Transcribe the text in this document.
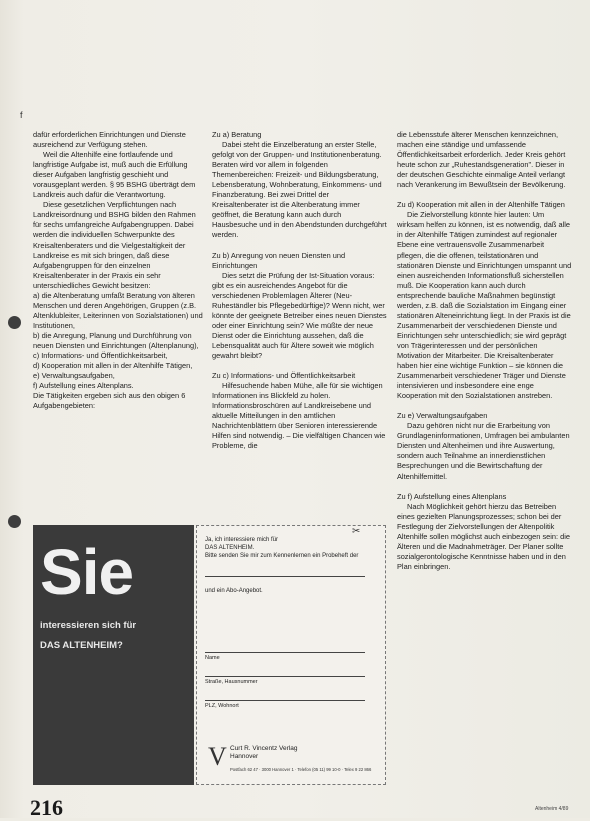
f

dafür erforderlichen Einrichtungen und Dienste ausreichend zur Verfügung stehen.

Weil die Altenhilfe eine fortlaufende und langfristige Aufgabe ist, muß auch die Erfüllung dieser Aufgaben langfristig geschieht und vorausgeplant werden. § 95 BSHG überträgt dem Landkreis auch dafür die Verantwortung.

Diese gesetzlichen Verpflichtungen nach Landkreisordnung und BSHG bilden den Rahmen für sechs umfangreiche Aufgabengruppen. Dabei werden die individuellen Schwerpunkte des Kreisaltenberaters und die Vielgestaltigkeit der Landkreise es mit sich bringen, daß diese Aufgabengruppen für den einzelnen Kreisaltenberater in der Praxis ein sehr unterschiedliches Gewicht besitzen:

a) die Altenberatung umfaßt Beratung von älteren Menschen und deren Angehörigen, Gruppen (z.B. Altenklubleiter, Leiterinnen von Sozialstationen) und Institutionen,

b) die Anregung, Planung und Durchführung von neuen Diensten und Einrichtungen (Altenplanung),

c) Informations- und Öffentlichkeitsarbeit,

d) Kooperation mit allen in der Altenhilfe Tätigen,

e) Verwaltungsaufgaben,

f) Aufstellung eines Altenplans.

Die Tätigkeiten ergeben sich aus den obigen 6 Aufgabengebieten:

Zu a) Beratung

Dabei steht die Einzelberatung an erster Stelle, gefolgt von der Gruppen- und Institutionenberatung. Beraten wird vor allem in folgenden Themenbereichen: Freizeit- und Bildungsberatung, Lebensberatung, Wohnberatung, Einkommens- und Finanzberatung. Bei zwei Drittel der Kreisaltenberater ist die Altenberatung immer geöffnet, die Beratung kann auch durch Hausbesuche und in den Abendstunden durchgeführt werden.

Zu b) Anregung von neuen Diensten und Einrichtungen

Dies setzt die Prüfung der Ist-Situation voraus: gibt es ein ausreichendes Angebot für die verschiedenen Problemlagen Älterer (Neu-Ruheständler bis Pflegebedürftige)? Wenn nicht, wer könnte der geeignete Betreiber eines neuen Dienstes oder einer Einrichtung sein? Wie müßte der neue Dienst oder die Einrichtung aussehen, daß die Lebensqualität auch für Ältere soweit wie möglich gewahrt bleibt?

Zu c) Informations- und Öffentlichkeitsarbeit

Hilfesuchende haben Mühe, alle für sie wichtigen Informationen ins Blickfeld zu holen. Informationsbroschüren auf Landkreisebene und aktuelle Mitteilungen in den amtlichen Nachrichtenblättern über Senioren interessierende Hilfen sind notwendig. – Die vielfältigen Chancen wie Probleme, die

die Lebensstufe älterer Menschen kennzeichnen, machen eine ständige und umfassende Öffentlichkeitsarbeit erforderlich. Jeder Kreis gehört heute schon zur „Ruhestandsgeneration". Dieser in der deutschen Geschichte einmalige Anteil verlangt nach Verankerung im Bewußtsein der Bevölkerung.

Zu d) Kooperation mit allen in der Altenhilfe Tätigen

Die Zielvorstellung könnte hier lauten: Um wirksam helfen zu können, ist es notwendig, daß alle in der Altenhilfe Tätigen zumindest auf regionaler Ebene eine vertrauensvolle Zusammenarbeit pflegen, die die offenen, teilstationären und stationären Dienste und Einrichtungen umspannt und einen ausreichenden Informationsfluß sicherstellen muß. Die Kooperation kann auch durch entsprechende bauliche Maßnahmen begünstigt werden, z.B. daß die Sozialstation im Eingang einer stationären Alteneinrichtung liegt. In der Praxis ist die Zusammenarbeit der verschiedenen Dienste und Einrichtungen sehr unterschiedlich; sie wird geprägt von Trägerinteressen und der persönlichen Motivation der Mitarbeiter. Die Kreisaltenberater haben hier eine wichtige Funktion – sie können die Zusammenarbeit verschiedener Träger und Dienste intensivieren und insbesondere eine enge Kooperation mit den Sozialstationen anstreben.

Zu e) Verwaltungsaufgaben

Dazu gehören nicht nur die Erarbeitung von Grundlageninformationen, Umfragen bei ambulanten Diensten und Altenheimen und ihre Auswertung, sondern auch Teilnahme an innerdienstlichen Besprechungen und die Bewirtschaftung der Altenhilfemittel.

Zu f) Aufstellung eines Altenplans

Nach Möglichkeit gehört hierzu das Betreiben eines gezielten Planungsprozesses; schon bei der Festlegung der Zielvorstellungen der Altenpolitik Altenhilfe sollen möglichst auch einbezogen sein: die Älteren und die Madnahmeträger. Der Planer sollte sozialgerontologische Kenntnisse haben und in den Plan einbringen.

Sie
interessieren sich für
DAS ALTENHEIM?
✂
Ja, ich interessiere mich für
DAS ALTENHEIM.
Bitte senden Sie mir zum Kennenlernen ein Probeheft der
und ein Abo-Angebot.
Name
Straße, Hausnummer
PLZ, Wohnort
V Curt R. Vincentz Verlag
Hannover
Postfach 62 47 · 3000 Hannover 1 · Telefon (05 11) 99 10-0 · Telex 9 22 866
216	Altenheim 4/89
